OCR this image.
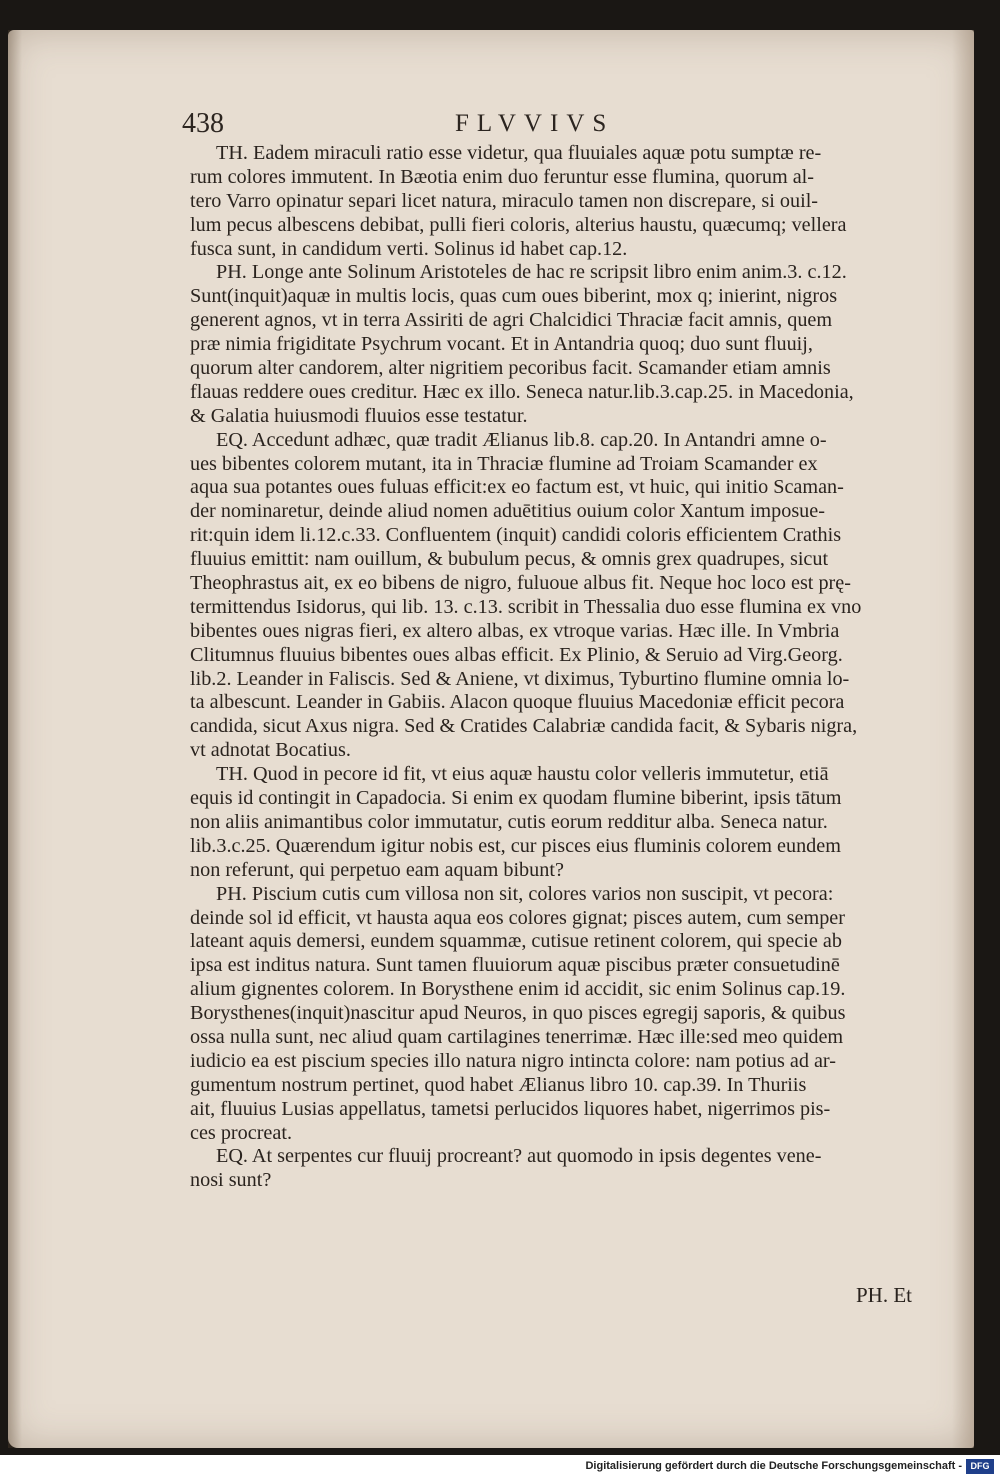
438	FLVVIVS
TH. Eadem miraculi ratio esse videtur, qua fluuiales aquæ potu sumptæ re-
rum colores immutent. In Bæotia enim duo feruntur esse flumina, quorum al-
tero Varro opinatur separi licet natura, miraculo tamen non discrepare, si ouil-
lum pecus albescens debibat, pulli fieri coloris, alterius haustu, quæcumq; vellera
fusca sunt, in candidum verti. Solinus id habet cap.12.
PH. Longe ante Solinum Aristoteles de hac re scripsit libro enim anim.3. c.12.
Sunt(inquit)aquæ in multis locis, quas cum oues biberint, mox q; inierint, nigros
generent agnos, vt in terra Assiriti de agri Chalcidici Thraciæ facit amnis, quem
præ nimia frigiditate Psychrum vocant. Et in Antandria quoq; duo sunt fluuij,
quorum alter candorem, alter nigritiem pecoribus facit. Scamander etiam amnis
flauas reddere oues creditur. Hæc ex illo. Seneca natur.lib.3.cap.25. in Macedonia,
& Galatia huiusmodi fluuios esse testatur.
EQ. Accedunt adhæc, quæ tradit Ælianus lib.8. cap.20. In Antandri amne o-
ues bibentes colorem mutant, ita in Thraciæ flumine ad Troiam Scamander ex
aqua sua potantes oues fuluas efficit:ex eo factum est, vt huic, qui initio Scaman-
der nominaretur, deinde aliud nomen aduētitius ouium color Xantum imposue-
rit:quin idem li.12.c.33. Confluentem (inquit) candidi coloris efficientem Crathis
fluuius emittit: nam ouillum, & bubulum pecus, & omnis grex quadrupes, sicut
Theophrastus ait, ex eo bibens de nigro, fuluoue albus fit. Neque hoc loco est prę-
termittendus Isidorus, qui lib. 13. c.13. scribit in Thessalia duo esse flumina ex vno
bibentes oues nigras fieri, ex altero albas, ex vtroque varias. Hæc ille. In Vmbria
Clitumnus fluuius bibentes oues albas efficit. Ex Plinio, & Seruio ad Virg.Georg.
lib.2. Leander in Faliscis. Sed & Aniene, vt diximus, Tyburtino flumine omnia lo-
ta albescunt. Leander in Gabiis. Alacon quoque fluuius Macedoniæ efficit pecora
candida, sicut Axus nigra. Sed & Cratides Calabriæ candida facit, & Sybaris nigra,
vt adnotat Bocatius.
TH. Quod in pecore id fit, vt eius aquæ haustu color velleris immutetur, etiā
equis id contingit in Capadocia. Si enim ex quodam flumine biberint, ipsis tātum
non aliis animantibus color immutatur, cutis eorum redditur alba. Seneca natur.
lib.3.c.25. Quærendum igitur nobis est, cur pisces eius fluminis colorem eundem
non referunt, qui perpetuo eam aquam bibunt?
PH. Piscium cutis cum villosa non sit, colores varios non suscipit, vt pecora:
deinde sol id efficit, vt hausta aqua eos colores gignat; pisces autem, cum semper
lateant aquis demersi, eundem squammæ, cutisue retinent colorem, qui specie ab
ipsa est inditus natura. Sunt tamen fluuiorum aquæ piscibus præter consuetudinē
alium gignentes colorem. In Borysthene enim id accidit, sic enim Solinus cap.19.
Borysthenes(inquit)nascitur apud Neuros, in quo pisces egregij saporis, & quibus
ossa nulla sunt, nec aliud quam cartilagines tenerrimæ. Hæc ille:sed meo quidem
iudicio ea est piscium species illo natura nigro intincta colore: nam potius ad ar-
gumentum nostrum pertinet, quod habet Ælianus libro 10. cap.39. In Thuriis
ait, fluuius Lusias appellatus, tametsi perlucidos liquores habet, nigerrimos pis-
ces procreat.
EQ. At serpentes cur fluuij procreant? aut quomodo in ipsis degentes vene-
nosi sunt?
PH. Et
Digitalisierung gefördert durch die Deutsche Forschungsgemeinschaft - DFG
